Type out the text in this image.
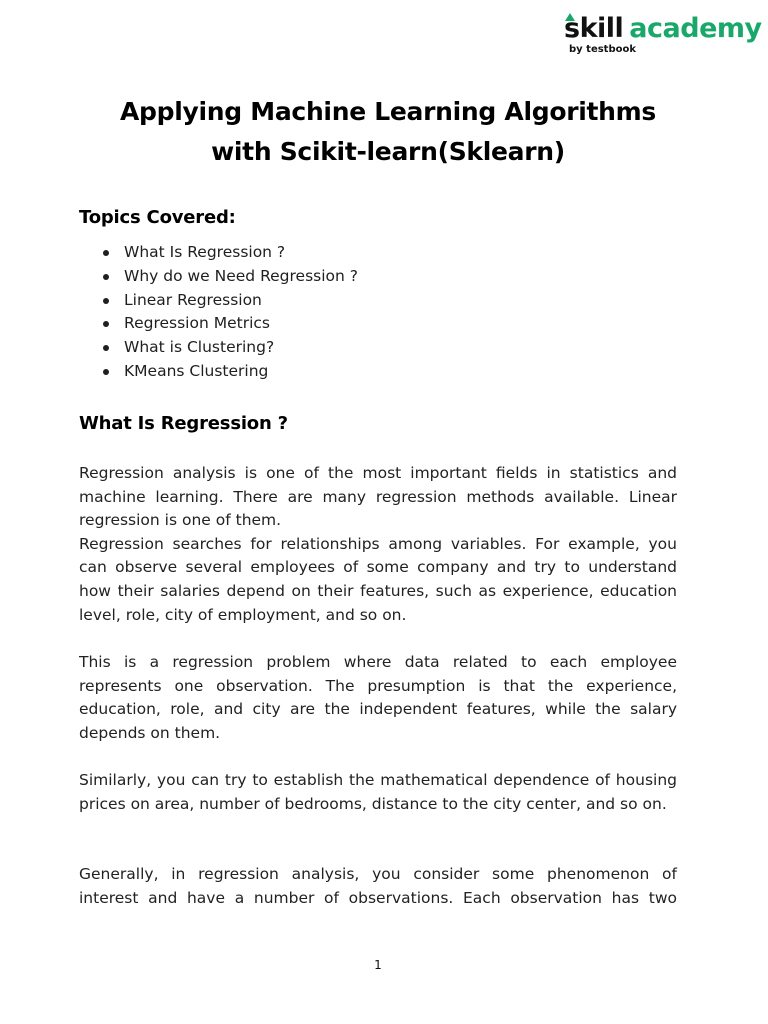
skill academy
by testbook
Applying Machine Learning Algorithms
with Scikit-learn(Sklearn)
Topics Covered:
What Is Regression ?
Why do we Need Regression ?
Linear Regression
Regression Metrics
What is Clustering?
KMeans Clustering
What Is Regression ?
Regression analysis is one of the most important fields in statistics and machine learning. There are many regression methods available. Linear regression is one of them.
Regression searches for relationships among variables. For example, you can observe several employees of some company and try to understand how their salaries depend on their features, such as experience, education level, role, city of employment, and so on.

This is a regression problem where data related to each employee represents one observation. The presumption is that the experience, education, role, and city are the independent features, while the salary depends on them.

Similarly, you can try to establish the mathematical dependence of housing prices on area, number of bedrooms, distance to the city center, and so on.

Generally, in regression analysis, you consider some phenomenon of interest and have a number of observations. Each observation has two

1
